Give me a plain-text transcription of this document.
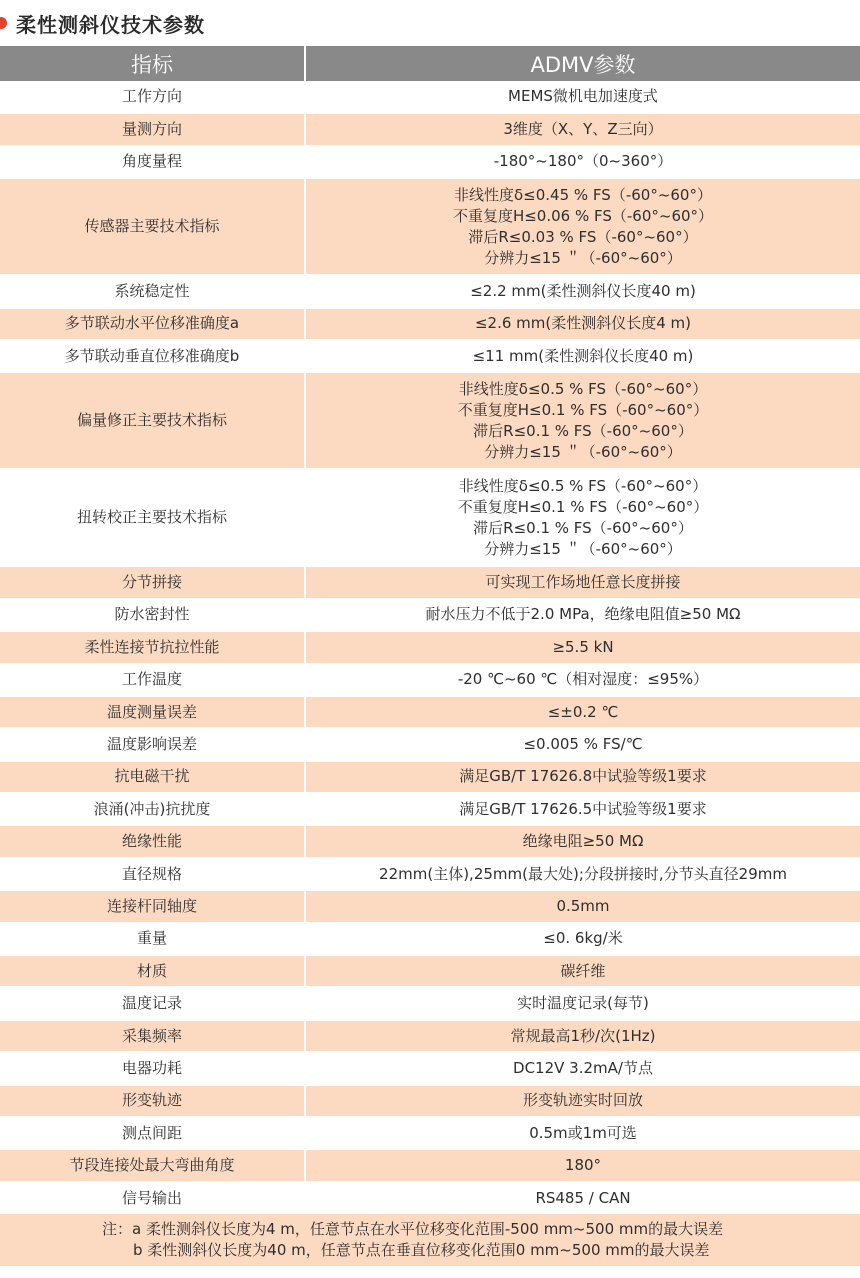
柔性测斜仪技术参数
指标	ADMV参数
工作方向	MEMS微机电加速度式

量测方向	3维度（X、Y、Z三向）

角度量程	-180°~180°（0~360°）

传感器主要技术指标	非线性度δ≤0.45 % FS（-60°~60°）
不重复度H≤0.06 % FS（-60°~60°）
滞后R≤0.03 % FS（-60°~60°）
分辨力≤15 ＂（-60°~60°）

系统稳定性	≤2.2 mm(柔性测斜仪长度40 m)

多节联动水平位移准确度a	≤2.6 mm(柔性测斜仪长度4 m)

多节联动垂直位移准确度b	≤11 mm(柔性测斜仪长度40 m)

偏量修正主要技术指标	非线性度δ≤0.5 % FS（-60°~60°）
不重复度H≤0.1 % FS（-60°~60°）
滞后R≤0.1 % FS（-60°~60°）
分辨力≤15 ＂（-60°~60°）

扭转校正主要技术指标	非线性度δ≤0.5 % FS（-60°~60°）
不重复度H≤0.1 % FS（-60°~60°）
滞后R≤0.1 % FS（-60°~60°）
分辨力≤15 ＂（-60°~60°）

分节拼接	可实现工作场地任意长度拼接

防水密封性	耐水压力不低于2.0 MPa，绝缘电阻值≥50 MΩ

柔性连接节抗拉性能	≥5.5 kN

工作温度	-20 ℃~60 ℃（相对湿度：≤95%）

温度测量误差	≤±0.2 ℃

温度影响误差	≤0.005 % FS/℃

抗电磁干扰	满足GB/T 17626.8中试验等级1要求

浪涌(冲击)抗扰度	满足GB/T 17626.5中试验等级1要求

绝缘性能	绝缘电阻≥50 MΩ

直径规格	22mm(主体),25mm(最大处);分段拼接时,分节头直径29mm

连接杆同轴度	0.5mm

重量	≤0. 6kg/米

材质	碳纤维

温度记录	实时温度记录(每节)

采集频率	常规最高1秒/次(1Hz)

电器功耗	DC12V 3.2mA/节点

形变轨迹	形变轨迹实时回放

测点间距	0.5m或1m可选

节段连接处最大弯曲角度	180°

信号输出	RS485 / CAN

注：a 柔性测斜仪长度为4 m，任意节点在水平位移变化范围-500 mm~500 mm的最大误差
b 柔性测斜仪长度为40 m，任意节点在垂直位移变化范围0 mm~500 mm的最大误差	
